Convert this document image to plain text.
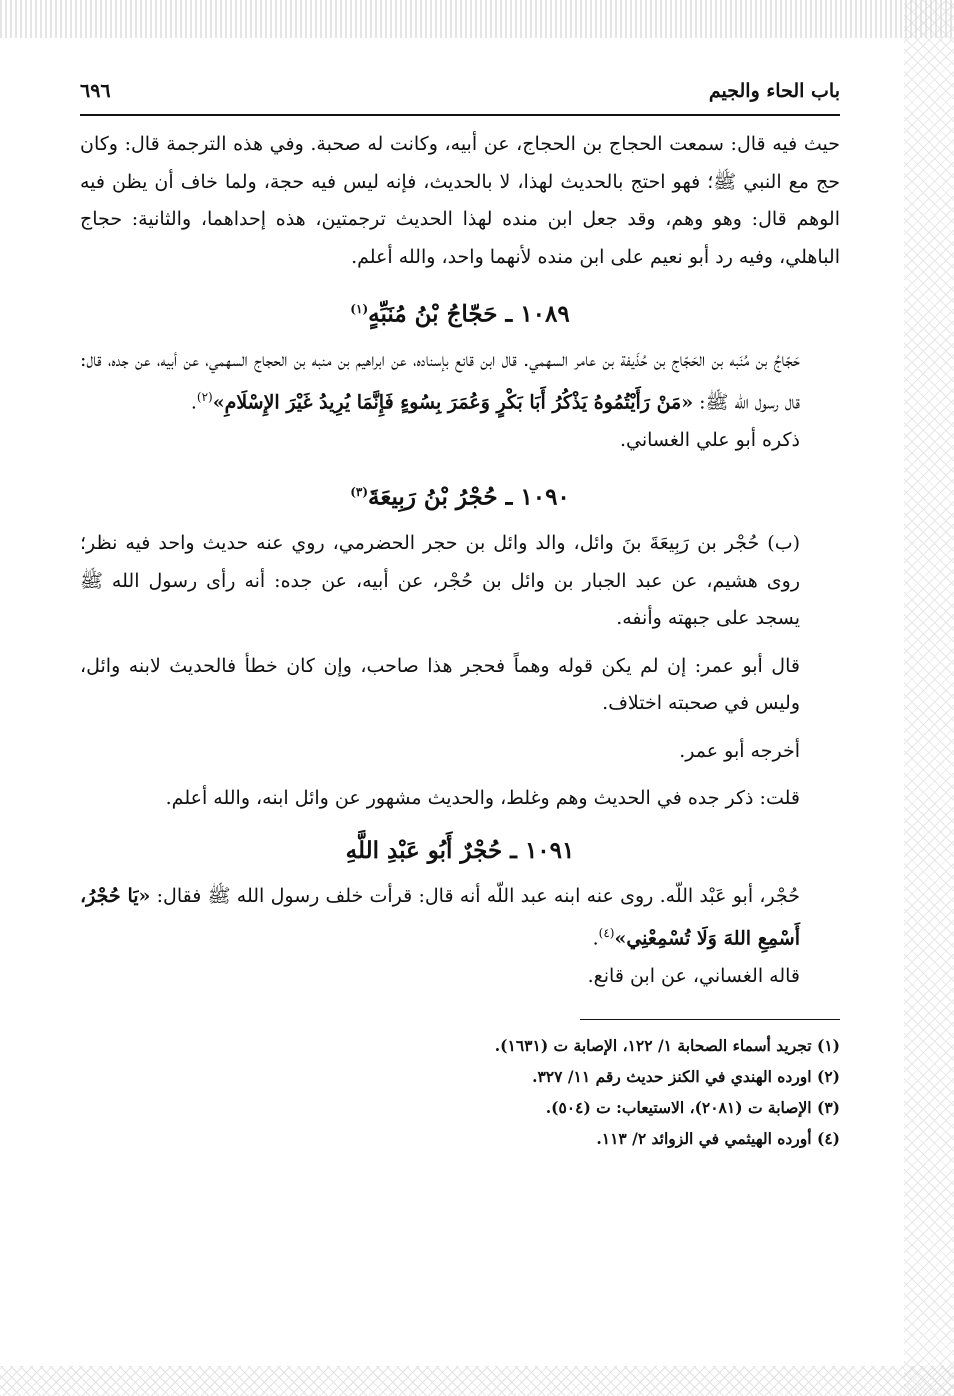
باب الحاء والجيم
٦٩٦

حيث فيه قال: سمعت الحجاج بن الحجاج، عن أبيه، وكانت له صحبة. وفي هذه الترجمة قال: وكان حج مع النبي ﷺ؛ فهو احتج بالحديث لهذا، لا بالحديث، فإنه ليس فيه حجة، ولما خاف أن يظن فيه الوهم قال: وهو وهم، وقد جعل ابن منده لهذا الحديث ترجمتين، هذه إحداهما، والثانية: حجاج الباهلي، وفيه رد أبو نعيم على ابن منده لأنهما واحد، والله أعلم.

١٠٨٩ ـ حَجّاجُ بْنُ مُنَبِّهٍ$^{(١)}$

حَجّاجُ بن مُنَبه بن الحَجّاج بن حُذَيفة بن عامر السهمي. قال ابن قانع بإسناده، عن ابراهيم بن منبه بن الحجاج السهمي، عن أبيه، عن جده، قال: قال رسول الله ﷺ: «مَنْ رَأَيْتُمُوهُ يَذْكُرُ أَبَا بَكْرٍ وَعُمَرَ بِسُوءٍ فَإِنَّمَا يُرِيدُ غَيْرَ الإِسْلَامِ»$^{(٢)}$.

ذكره أبو علي الغساني.

١٠٩٠ ـ حُجْرُ بْنُ رَبِيعَةَ$^{(٣)}$

(ب) حُجْر بن رَبِيعَةَ بنَ وائل، والد وائل بن حجر الحضرمي، روي عنه حديث واحد فيه نظر؛ روى هشيم، عن عبد الجبار بن وائل بن حُجْر، عن أبيه، عن جده: أنه رأى رسول الله ﷺ يسجد على جبهته وأنفه.

قال أبو عمر: إن لم يكن قوله وهماً فحجر هذا صاحب، وإن كان خطأ فالحديث لابنه وائل، وليس في صحبته اختلاف.

أخرجه أبو عمر.

قلت: ذكر جده في الحديث وهم وغلط، والحديث مشهور عن وائل ابنه، والله أعلم.

١٠٩١ ـ حُجْرٌ أَبُو عَبْدِ اللَّهِ

حُجْر، أبو عَبْد اللّه. روى عنه ابنه عبد اللّه أنه قال: قرأت خلف رسول الله ﷺ فقال: «يَا حُجْرُ، أَسْمِعِ اللهَ وَلَا تُسْمِعْنِي»$^{(٤)}$.

قاله الغساني، عن ابن قانع.

(١) تجريد أسماء الصحابة ١/ ١٢٢، الإصابة ت (١٦٣١).

(٢) اورده الهندي في الكنز حديث رقم ١١/ ٣٢٧.

(٣) الإصابة ت (٢٠٨١)، الاستيعاب: ت (٥٠٤).

(٤) أورده الهيثمي في الزوائد ٢/ ١١٣.
